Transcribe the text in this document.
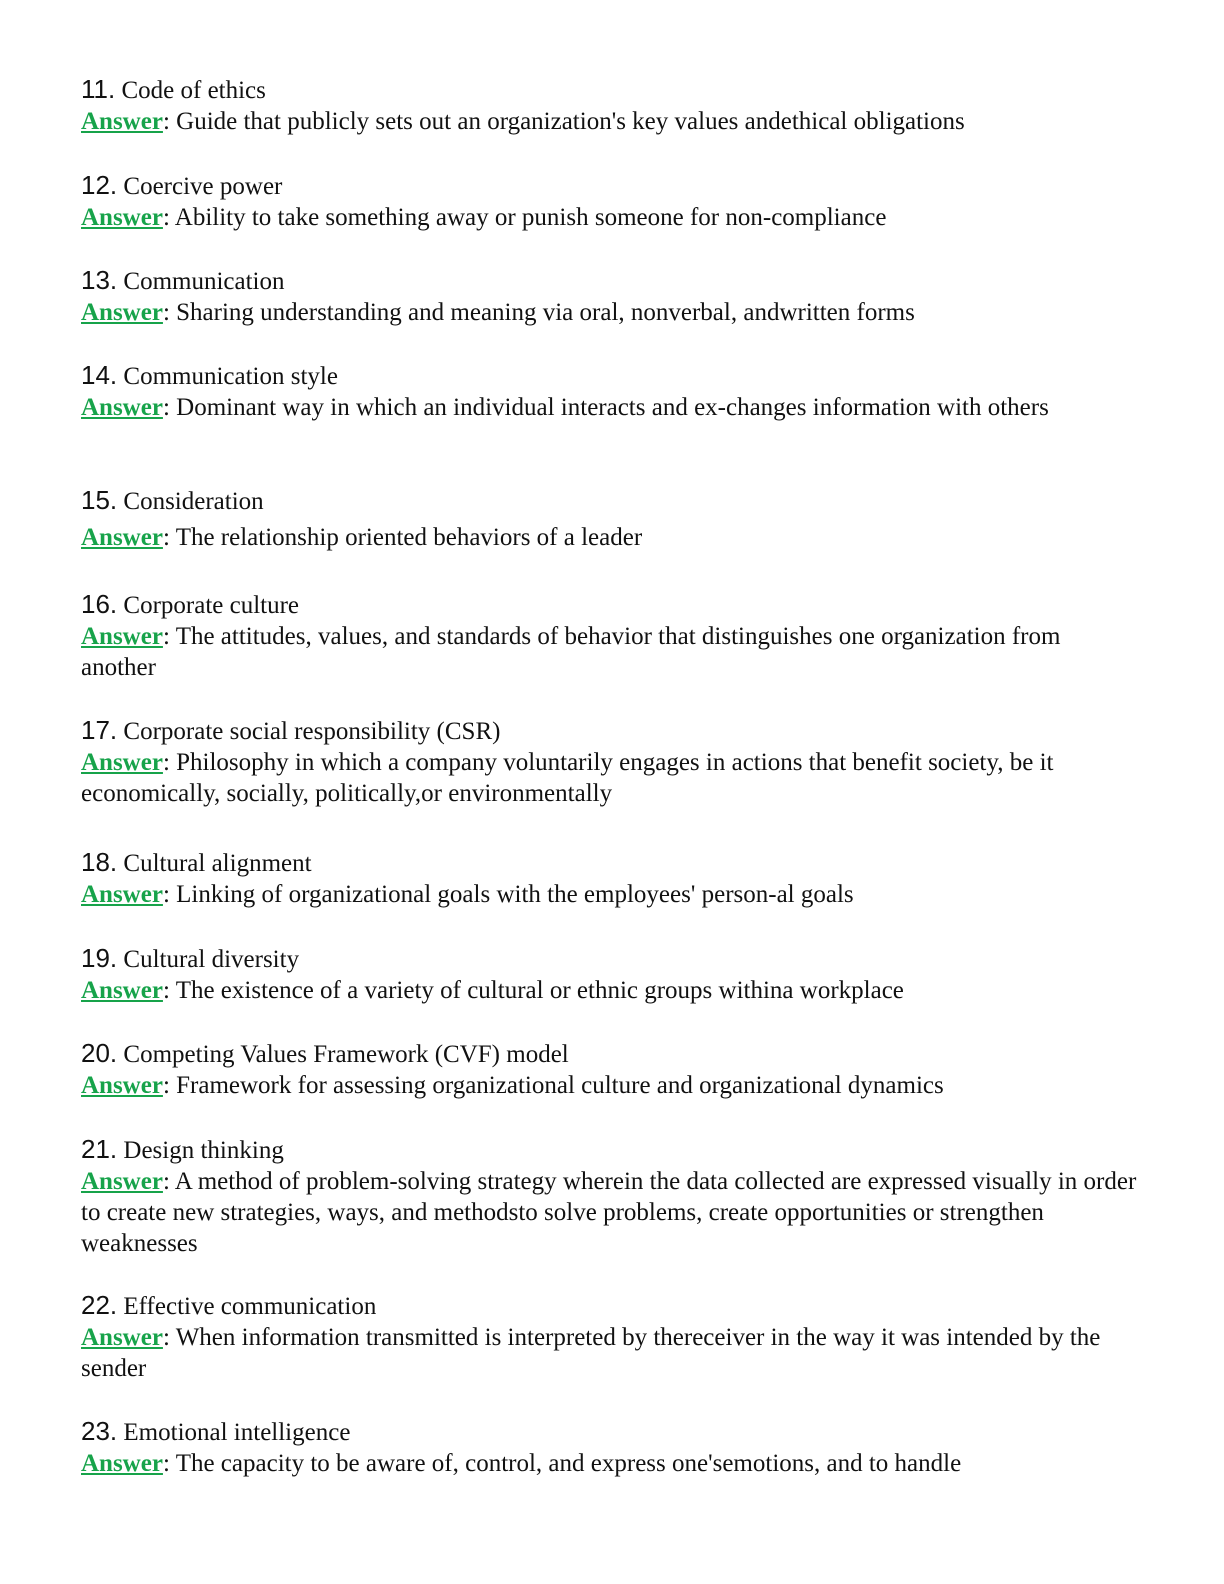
11. Code of ethics
Answer: Guide that publicly sets out an organization's key values andethical obligations
12. Coercive power
Answer: Ability to take something away or punish someone for non-compliance
13. Communication
Answer: Sharing understanding and meaning via oral, nonverbal, andwritten forms
14. Communication style
Answer: Dominant way in which an individual interacts and ex-changes information with others
15. Consideration
Answer: The relationship oriented behaviors of a leader
16. Corporate culture
Answer: The attitudes, values, and standards of behavior that distinguishes one organization from another
17. Corporate social responsibility (CSR)
Answer: Philosophy in which a company voluntarily engages in actions that benefit society, be it economically, socially, politically,or environmentally
18. Cultural alignment
Answer: Linking of organizational goals with the employees' person-al goals
19. Cultural diversity
Answer: The existence of a variety of cultural or ethnic groups withina workplace
20. Competing Values Framework (CVF) model
Answer: Framework for assessing organizational culture and organizational dynamics
21. Design thinking
Answer: A method of problem-solving strategy wherein the data collected are expressed visually in order to create new strategies, ways, and methodsto solve problems, create opportunities or strengthen weaknesses
22. Effective communication
Answer: When information transmitted is interpreted by thereceiver in the way it was intended by the sender
23. Emotional intelligence
Answer: The capacity to be aware of, control, and express one'semotions, and to handle
